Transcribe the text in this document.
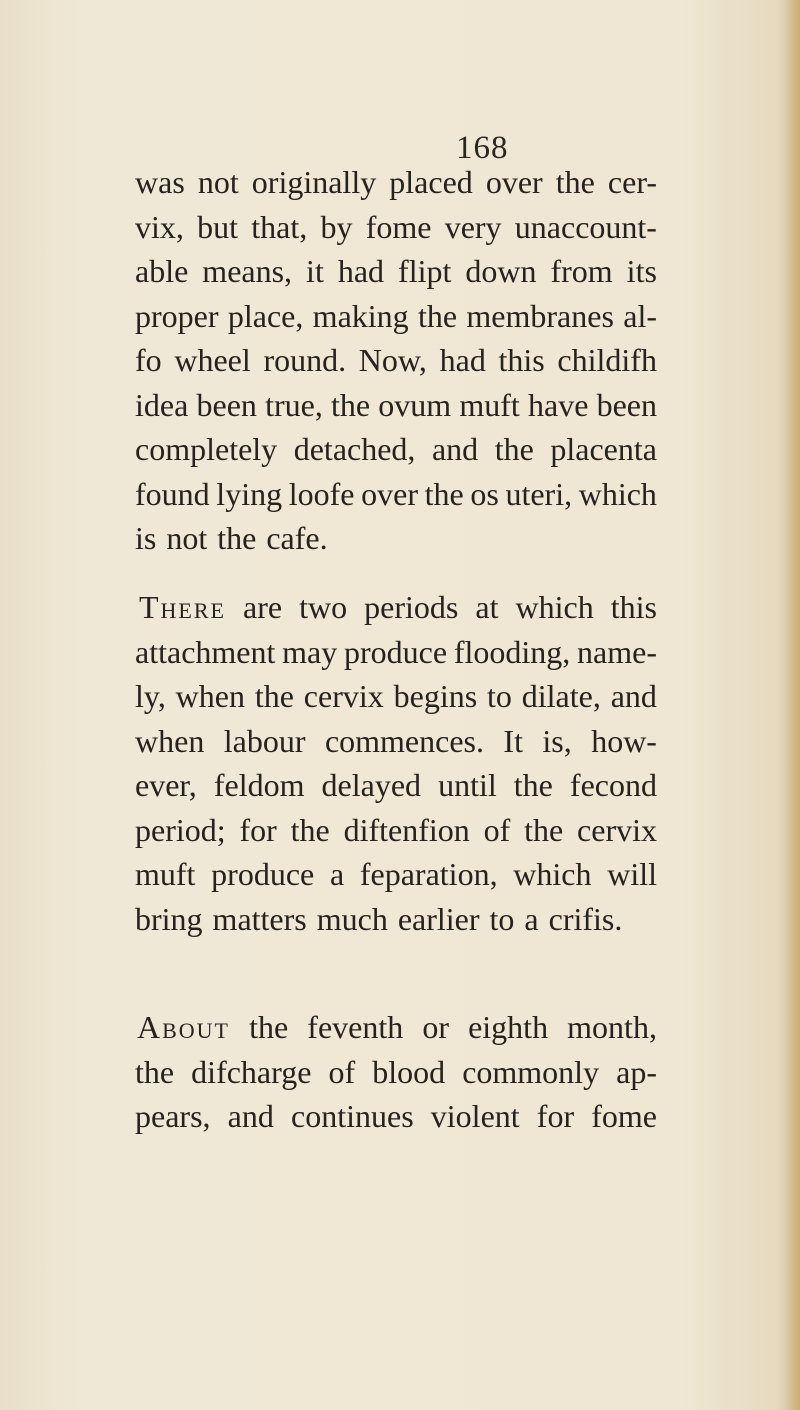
168
was not originally placed over the cer-
vix, but that, by fome very unaccount-
able means, it had flipt down from its
proper place, making the membranes al-
fo wheel round. Now, had this childifh
idea been true, the ovum muft have been
completely detached, and the placenta
found lying loofe over the os uteri, which
is not the cafe.
There are two periods at which this
attachment may produce flooding, name-
ly, when the cervix begins to dilate, and
when labour commences. It is, how-
ever, feldom delayed until the fecond
period; for the diftenfion of the cervix
muft produce a feparation, which will
bring matters much earlier to a crifis.
About the feventh or eighth month,
the difcharge of blood commonly ap-
pears, and continues violent for fome
